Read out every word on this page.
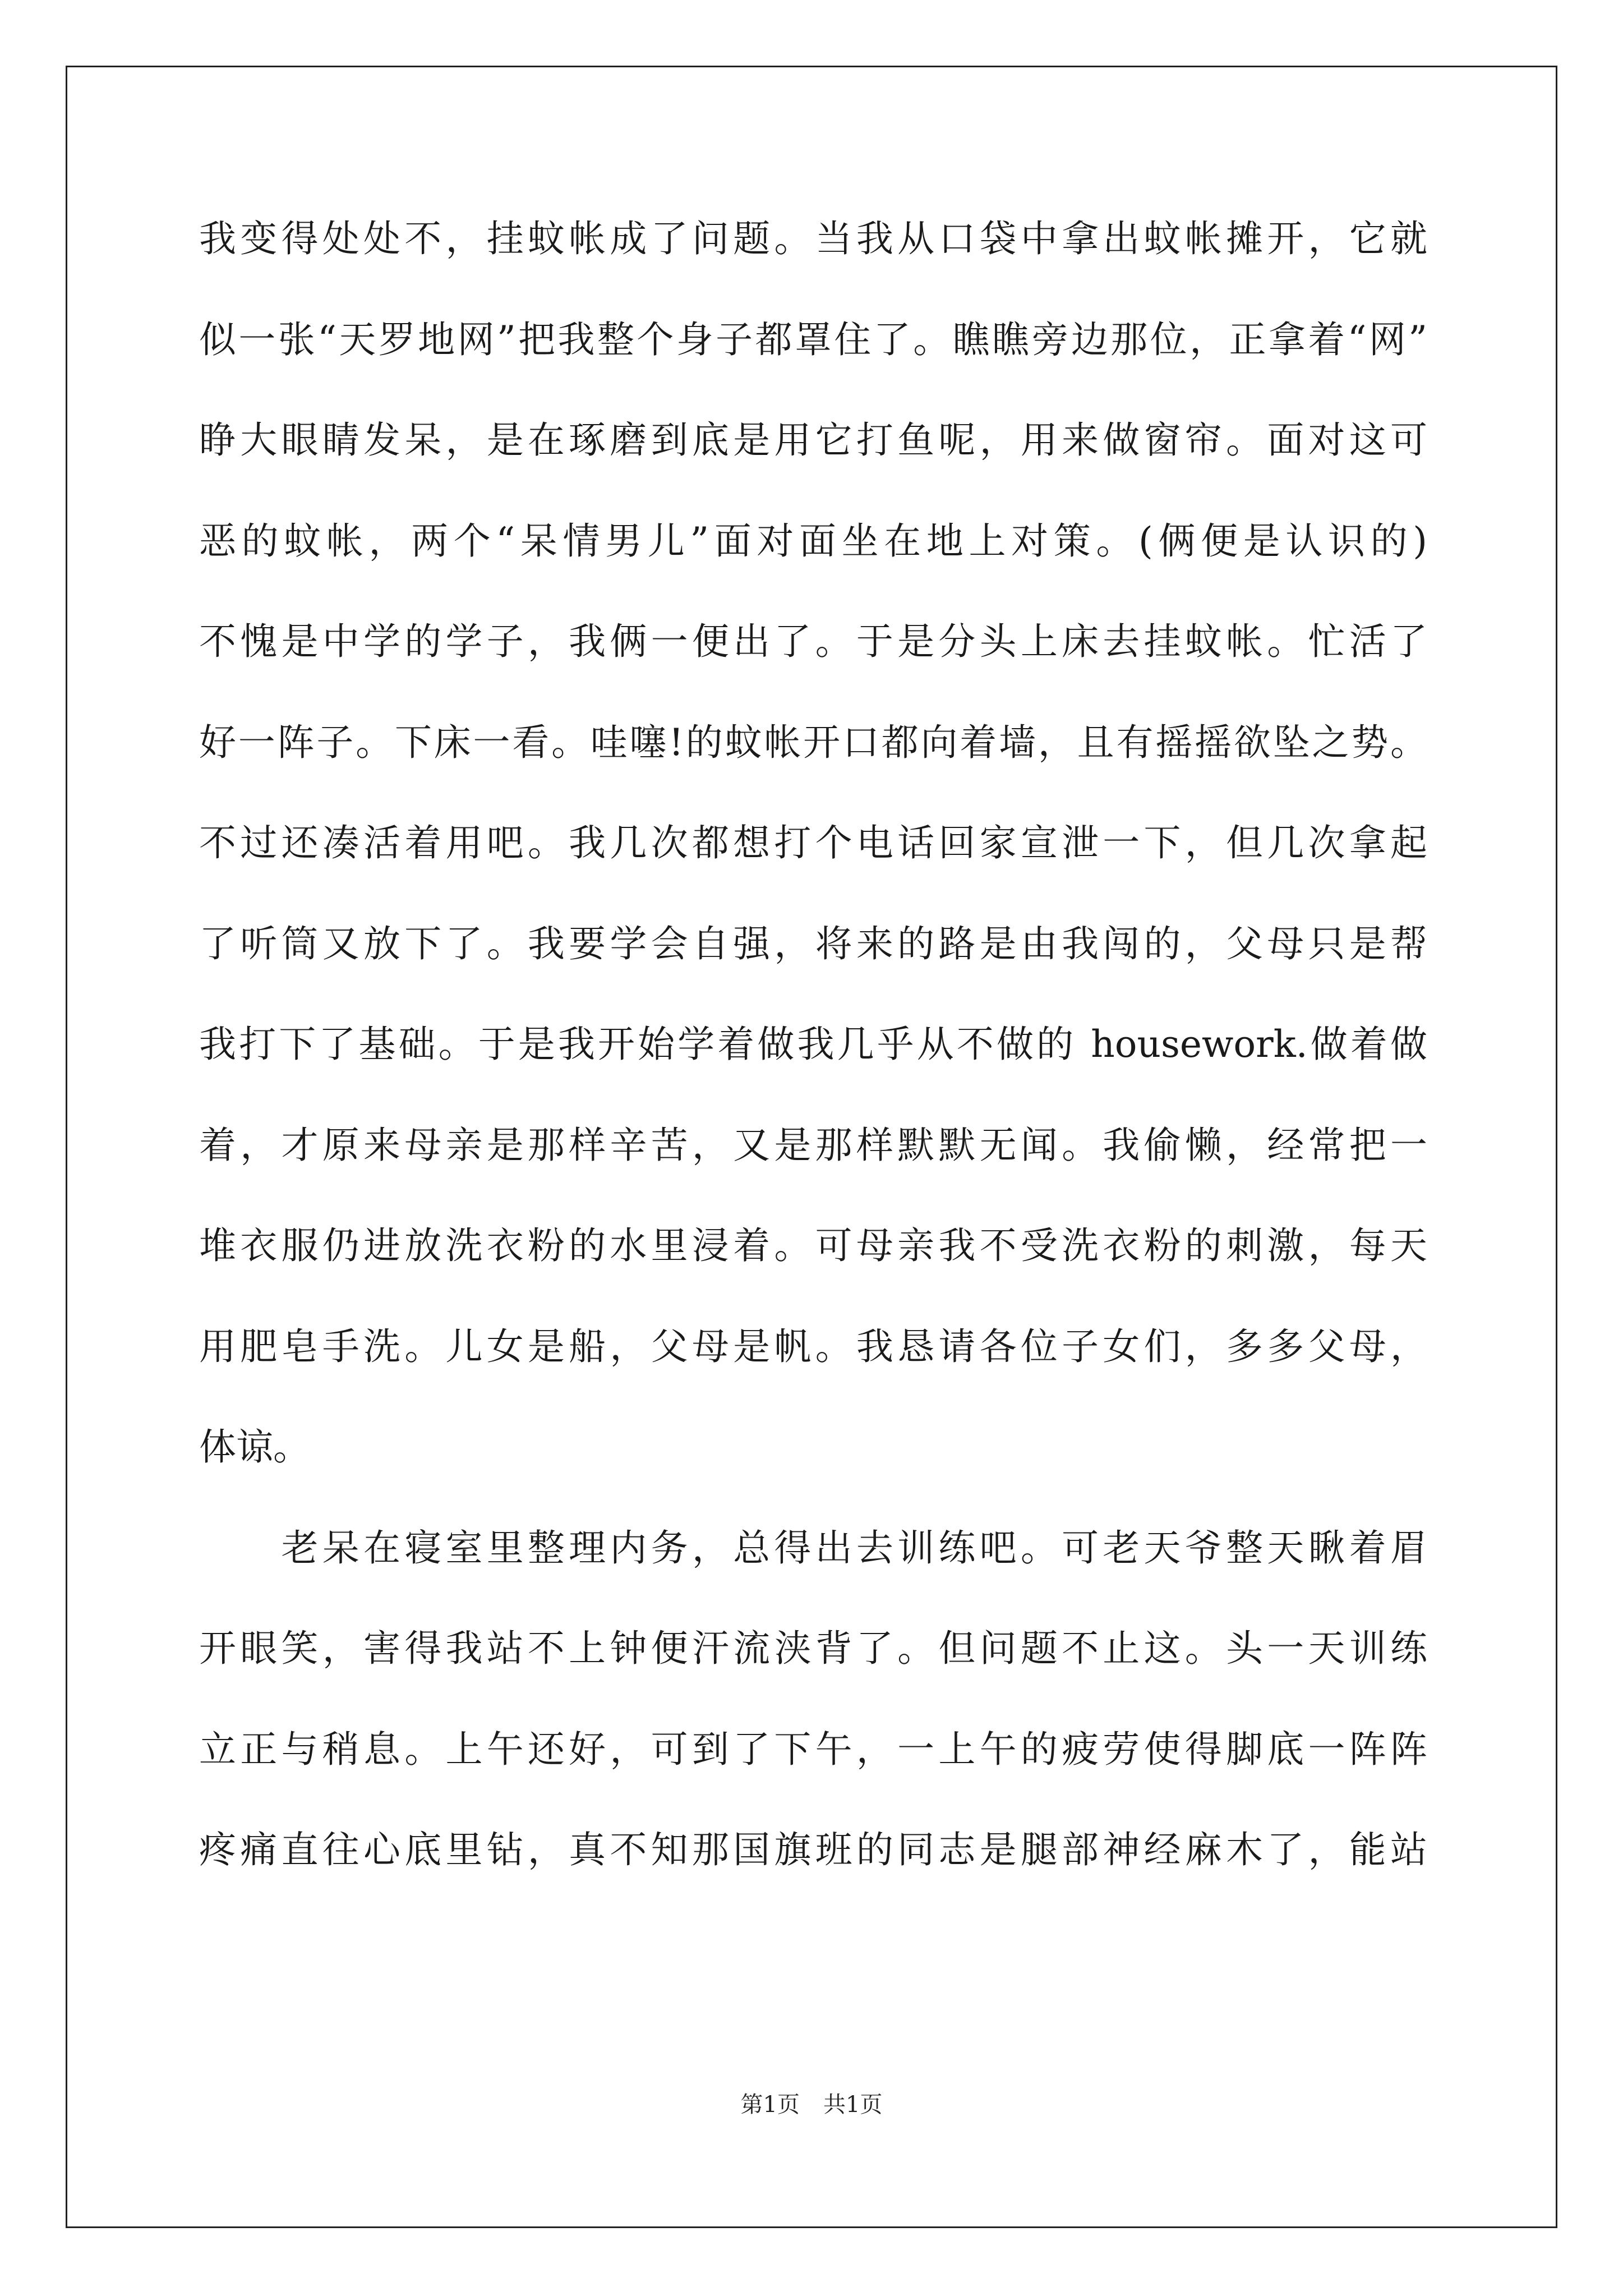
我变得处处不，挂蚊帐成了问题。当我从口袋中拿出蚊帐摊开，它就
似一张“天罗地网”把我整个身子都罩住了。瞧瞧旁边那位，正拿着“网”
睁大眼睛发呆，是在琢磨到底是用它打鱼呢，用来做窗帘。面对这可
恶的蚊帐，两个“呆情男儿”面对面坐在地上对策。(俩便是认识的)
不愧是中学的学子，我俩一便出了。于是分头上床去挂蚊帐。忙活了
好一阵子。下床一看。哇噻!的蚊帐开口都向着墙，且有摇摇欲坠之势。
不过还凑活着用吧。我几次都想打个电话回家宣泄一下，但几次拿起
了听筒又放下了。我要学会自强，将来的路是由我闯的，父母只是帮
我打下了基础。于是我开始学着做我几乎从不做的 housework.做着做
着，才原来母亲是那样辛苦，又是那样默默无闻。我偷懒，经常把一
堆衣服仍进放洗衣粉的水里浸着。可母亲我不受洗衣粉的刺激，每天
用肥皂手洗。儿女是船，父母是帆。我恳请各位子女们，多多父母，
体谅。
　　老呆在寝室里整理内务，总得出去训练吧。可老天爷整天瞅着眉
开眼笑，害得我站不上钟便汗流浃背了。但问题不止这。头一天训练
立正与稍息。上午还好，可到了下午，一上午的疲劳使得脚底一阵阵
疼痛直往心底里钻，真不知那国旗班的同志是腿部神经麻木了，能站
第1页 共1页
